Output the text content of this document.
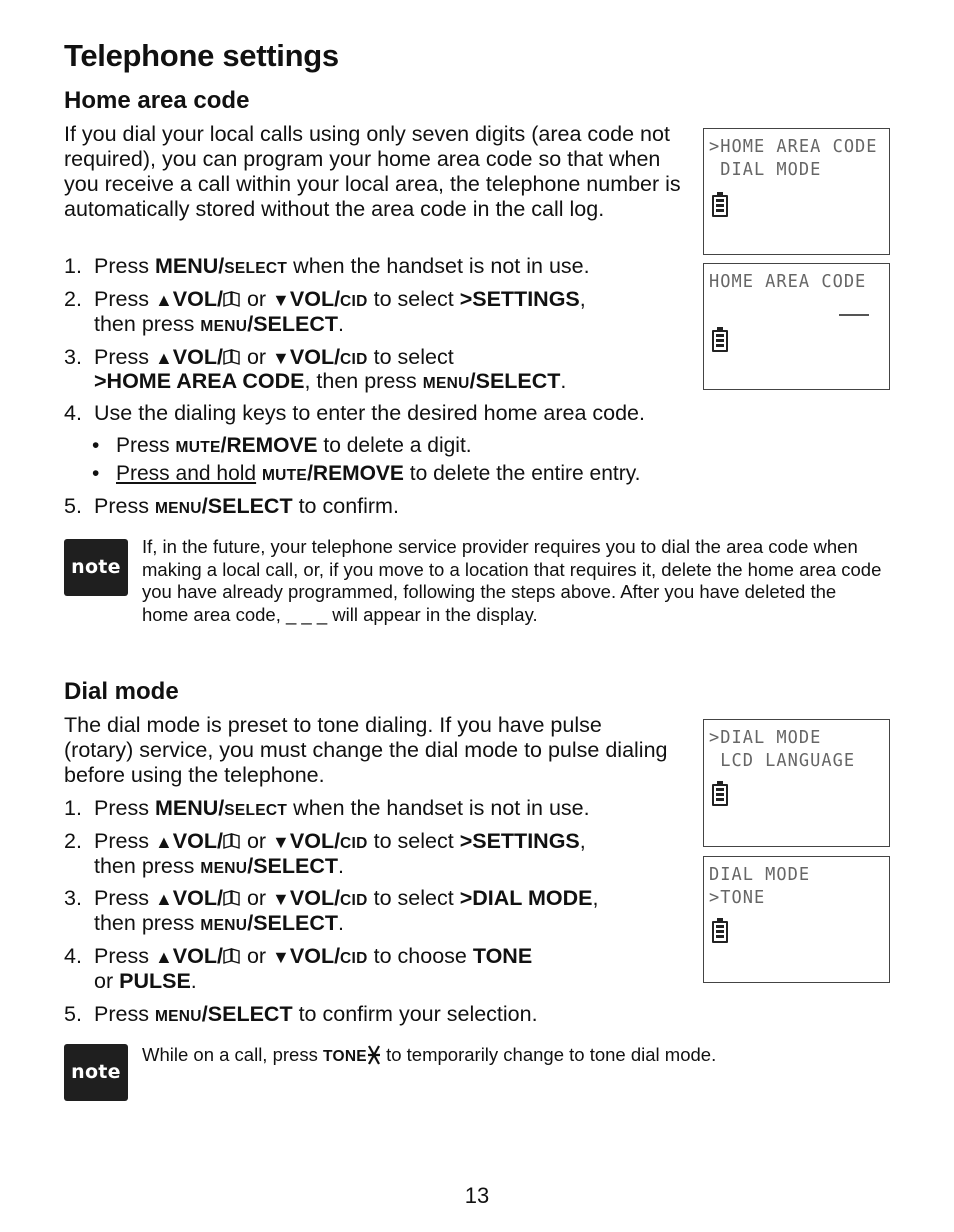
Telephone settings
Home area code

If you dial your local calls using only seven digits (area code not required), you can program your home area code so that when you receive a call within your local area, the telephone number is automatically stored without the area code in the call log.

1. Press MENU/SELECT when the handset is not in use.
2. Press ▲VOL/ or ▼VOL/CID to select >SETTINGS,
then press MENU/SELECT.
3. Press ▲VOL/ or ▼VOL/CID to select
>HOME AREA CODE, then press MENU/SELECT.
4. Use the dialing keys to enter the desired home area code.
• Press MUTE/REMOVE to delete a digit.
• Press and hold MUTE/REMOVE to delete the entire entry.
5. Press MENU/SELECT to confirm.
note
If, in the future, your telephone service provider requires you to dial the area code when making a local call, or, if you move to a location that requires it, delete the home area code you have already programmed, following the steps above. After you have deleted the home area code, _ _ _ will appear in the display.
>HOME AREA CODE
DIAL MODE
HOME AREA CODE
Dial mode

The dial mode is preset to tone dialing. If you have pulse (rotary) service, you must change the dial mode to pulse dialing before using the telephone.

1. Press MENU/SELECT when the handset is not in use.
2. Press ▲VOL/ or ▼VOL/CID to select >SETTINGS,
then press MENU/SELECT.
3. Press ▲VOL/ or ▼VOL/CID to select >DIAL MODE,
then press MENU/SELECT.
4. Press ▲VOL/ or ▼VOL/CID to choose TONE
or PULSE.
5. Press MENU/SELECT to confirm your selection.
note
While on a call, press TONE to temporarily change to tone dial mode.
>DIAL MODE
LCD LANGUAGE
DIAL MODE
>TONE
13
